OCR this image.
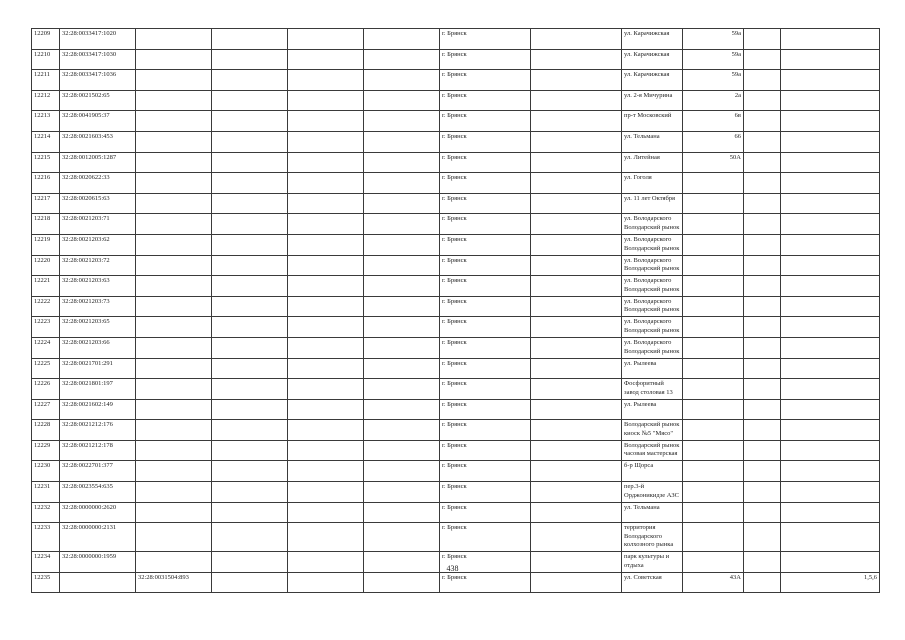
12209	32:28:0033417:1020					г. Брянск		ул. Карачижская	59а		
12210	32:28:0033417:1030					г. Брянск		ул. Карачижская	59а		
12211	32:28:0033417:1036					г. Брянск		ул. Карачижская	59а		
12212	32:28:0021502:65					г. Брянск		ул. 2-я Мичурина	2а		
12213	32:28:0041905:37					г. Брянск		пр-т Московский	6в		
12214	32:28:0021603:453					г. Брянск		ул. Тельмана	66		
12215	32:28:0012005:1287					г. Брянск		ул. Литейная	50А		
12216	32:28:0020622:33					г. Брянск		ул. Гоголя			
12217	32:28:0020615:63					г. Брянск		ул. 11 лет Октября			
12218	32:28:0021203:71					г. Брянск		ул. Володарского Володарский рынок			
12219	32:28:0021203:62					г. Брянск		ул. Володарского Володарский рынок			
12220	32:28:0021203:72					г. Брянск		ул. Володарского Володарский рынок			
12221	32:28:0021203:63					г. Брянск		ул. Володарского Володарский рынок			
12222	32:28:0021203:73					г. Брянск		ул. Володарского Володарский рынок			
12223	32:28:0021203:65					г. Брянск		ул. Володарского Володарский рынок			
12224	32:28:0021203:66					г. Брянск		ул. Володарского Володарский рынок			
12225	32:28:0021701:291					г. Брянск		ул. Рылеева			
12226	32:28:0021801:197					г. Брянск		Фосфоритный завод столовая 13			
12227	32:28:0021602:149					г. Брянск		ул. Рылеева			
12228	32:28:0021212:176					г. Брянск		Володарский рынок киоск №5 "Мясо"			
12229	32:28:0021212:178					г. Брянск		Володарский рынок часовая мастерская			
12230	32:28:0022701:377					г. Брянск		б-р Щорса			
12231	32:28:0023554:635					г. Брянск		пер.3-й Орджоникидзе АЗС			
12232	32:28:0000000:2620					г. Брянск		ул. Тельмана			
12233	32:28:0000000:2131					г. Брянск		территория Володарского колхозного рынка			
12234	32:28:0000000:1959					г. Брянск		парк культуры и отдыха			
12235		32:28:0031504:893				г. Брянск		ул. Советская	43А		1,5,6
438
